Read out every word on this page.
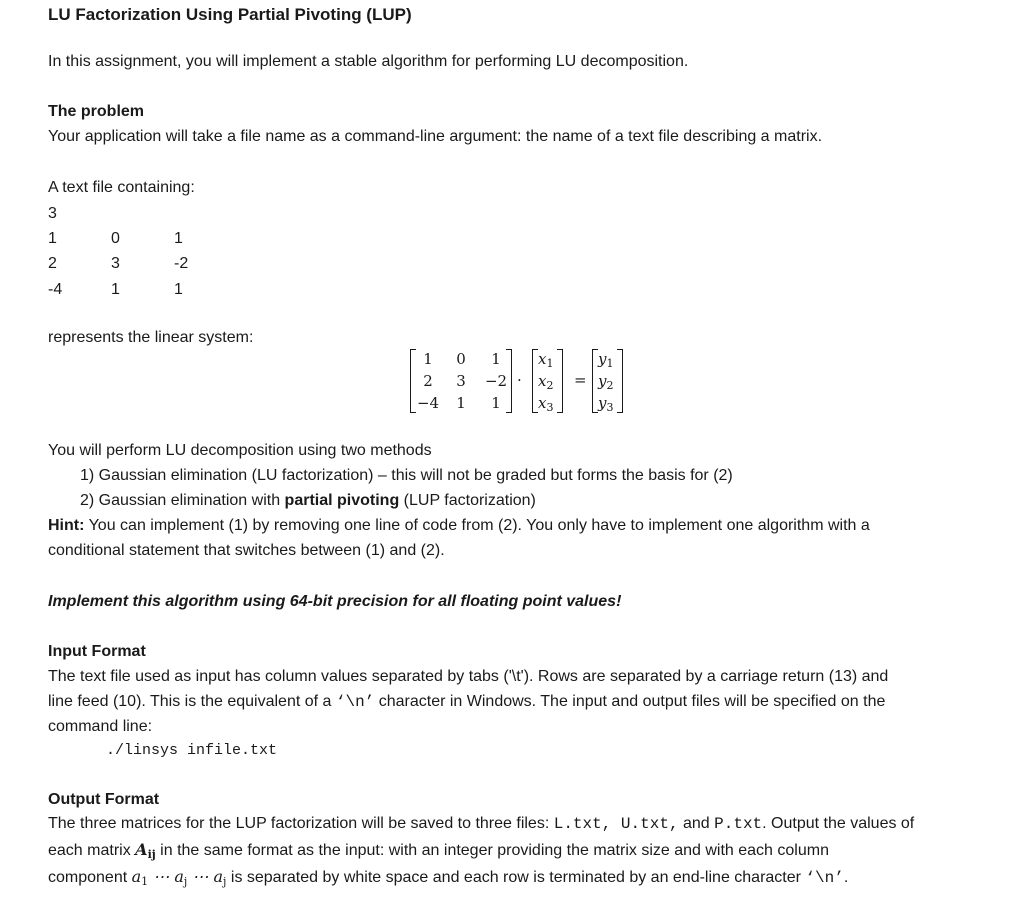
LU Factorization Using Partial Pivoting (LUP)
In this assignment, you will implement a stable algorithm for performing LU decomposition.
The problem
Your application will take a file name as a command-line argument: the name of a text file describing a matrix.
A text file containing:
3
1	0	1
2	3	-2
-4	1	1
represents the linear system:
1	0	1
2	3	−2
−4	1	1
·
$x_1$
$x_2$
$x_3$
=
$y_1$
$y_2$
$y_3$
You will perform LU decomposition using two methods
1) Gaussian elimination (LU factorization) – this will not be graded but forms the basis for (2)
2) Gaussian elimination with partial pivoting (LUP factorization)
Hint: You can implement (1) by removing one line of code from (2). You only have to implement one algorithm with a
conditional statement that switches between (1) and (2).
Implement this algorithm using 64-bit precision for all floating point values!
Input Format
The text file used as input has column values separated by tabs ('\t'). Rows are separated by a carriage return (13) and
line feed (10). This is the equivalent of a ‘\n’ character in Windows. The input and output files will be specified on the
command line:
./linsys infile.txt
Output Format
The three matrices for the LUP factorization will be saved to three files: L.txt, U.txt, and P.txt. Output the values of
each matrix $A_{ij}$ in the same format as the input: with an integer providing the matrix size and with each column
component $a_1$ ⋯ $a_j$ ⋯ $a_j$ is separated by white space and each row is terminated by an end-line character ‘\n’.
